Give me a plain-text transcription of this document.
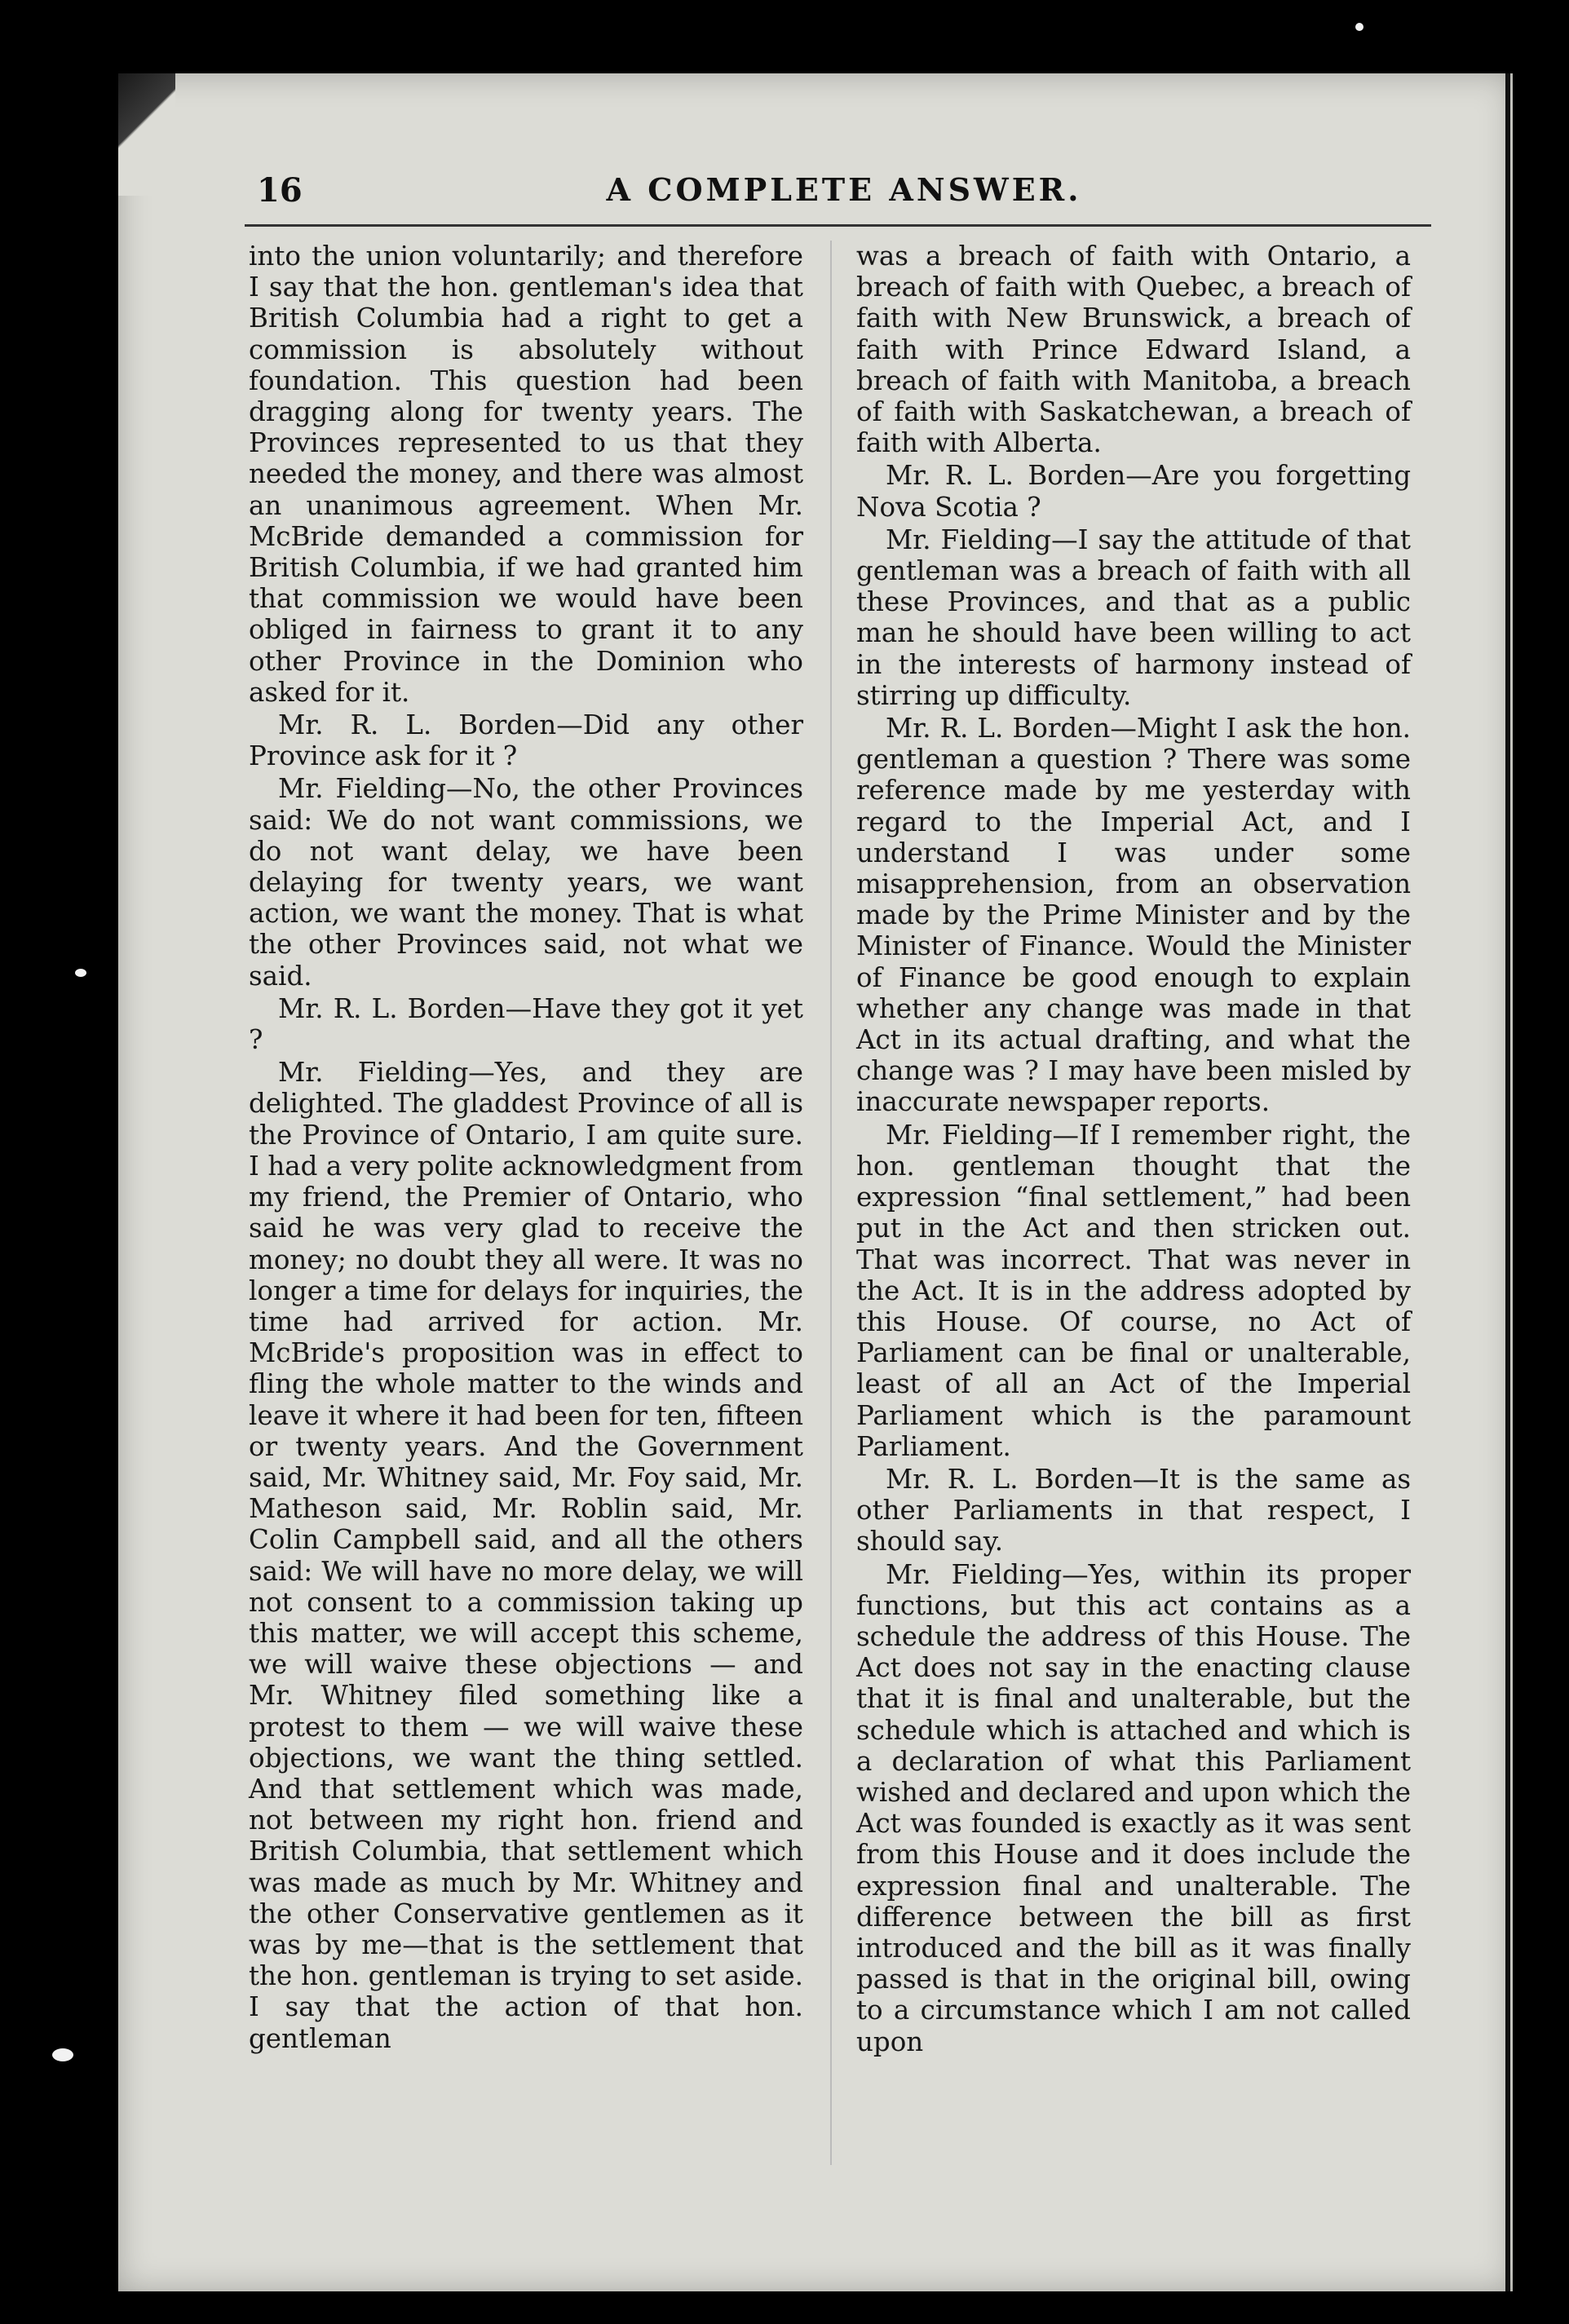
16	A COMPLETE ANSWER.

into the union voluntarily; and therefore I say that the hon. gentleman's idea that British Columbia had a right to get a commission is absolutely without foundation. This question had been dragging along for twenty years. The Provinces represented to us that they needed the money, and there was almost an unanimous agreement. When Mr. McBride demanded a commission for British Columbia, if we had granted him that commission we would have been obliged in fairness to grant it to any other Province in the Dominion who asked for it.

Mr. R. L. Borden—Did any other Province ask for it ?

Mr. Fielding—No, the other Provinces said: We do not want commissions, we do not want delay, we have been delaying for twenty years, we want action, we want the money. That is what the other Provinces said, not what we said.

Mr. R. L. Borden—Have they got it yet ?

Mr. Fielding—Yes, and they are delighted. The gladdest Province of all is the Province of Ontario, I am quite sure. I had a very polite acknowledgment from my friend, the Premier of Ontario, who said he was very glad to receive the money; no doubt they all were. It was no longer a time for delays for inquiries, the time had arrived for action. Mr. McBride's proposition was in effect to fling the whole matter to the winds and leave it where it had been for ten, fifteen or twenty years. And the Government said, Mr. Whitney said, Mr. Foy said, Mr. Matheson said, Mr. Roblin said, Mr. Colin Campbell said, and all the others said: We will have no more delay, we will not consent to a commission taking up this matter, we will accept this scheme, we will waive these objections — and Mr. Whitney filed something like a protest to them — we will waive these objections, we want the thing settled. And that settlement which was made, not between my right hon. friend and British Columbia, that settlement which was made as much by Mr. Whitney and the other Conservative gentlemen as it was by me—that is the settlement that the hon. gentleman is trying to set aside. I say that the action of that hon. gentleman

was a breach of faith with Ontario, a breach of faith with Quebec, a breach of faith with New Brunswick, a breach of faith with Prince Edward Island, a breach of faith with Manitoba, a breach of faith with Saskatchewan, a breach of faith with Alberta.

Mr. R. L. Borden—Are you forgetting Nova Scotia ?

Mr. Fielding—I say the attitude of that gentleman was a breach of faith with all these Provinces, and that as a public man he should have been willing to act in the interests of harmony instead of stirring up difficulty.

Mr. R. L. Borden—Might I ask the hon. gentleman a question ? There was some reference made by me yesterday with regard to the Imperial Act, and I understand I was under some misapprehension, from an observation made by the Prime Minister and by the Minister of Finance. Would the Minister of Finance be good enough to explain whether any change was made in that Act in its actual drafting, and what the change was ? I may have been misled by inaccurate newspaper reports.

Mr. Fielding—If I remember right, the hon. gentleman thought that the expression “final settlement,” had been put in the Act and then stricken out. That was incorrect. That was never in the Act. It is in the address adopted by this House. Of course, no Act of Parliament can be final or unalterable, least of all an Act of the Imperial Parliament which is the paramount Parliament.

Mr. R. L. Borden—It is the same as other Parliaments in that respect, I should say.

Mr. Fielding—Yes, within its proper functions, but this act contains as a schedule the address of this House. The Act does not say in the enacting clause that it is final and unalterable, but the schedule which is attached and which is a declaration of what this Parliament wished and declared and upon which the Act was founded is exactly as it was sent from this House and it does include the expression final and unalterable. The difference between the bill as first introduced and the bill as it was finally passed is that in the original bill, owing to a circumstance which I am not called upon
